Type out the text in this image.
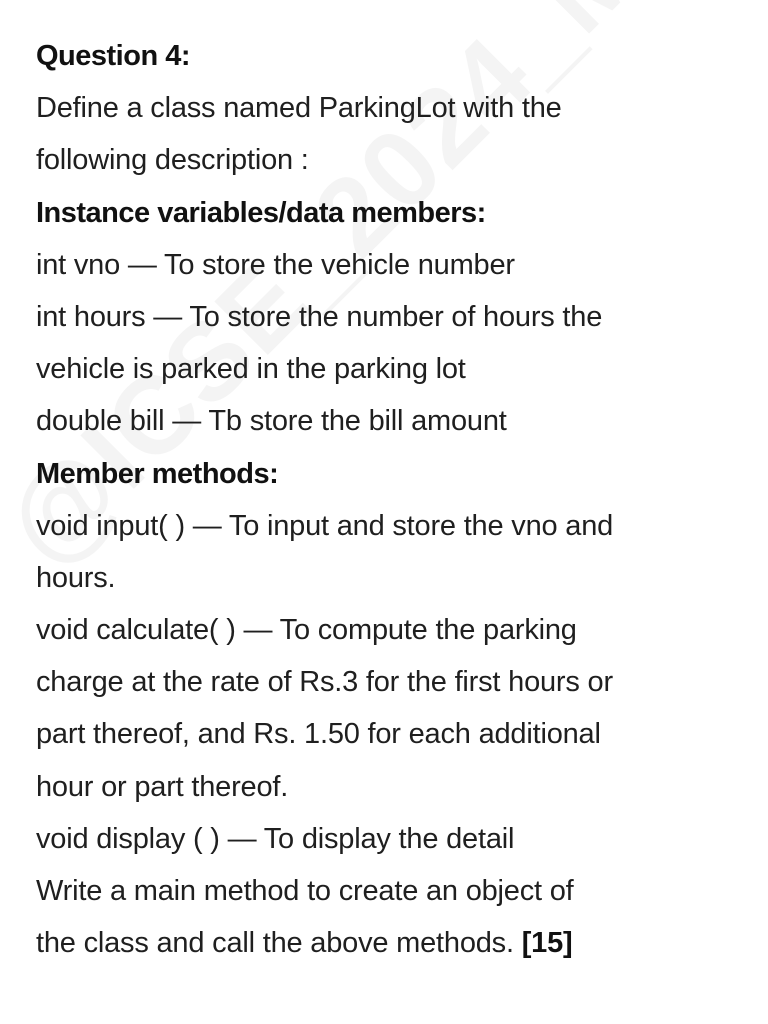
Question 4:
Define a class named ParkingLot with the
following description :
Instance variables/data members:
int vno — To store the vehicle number
int hours — To store the number of hours the
vehicle is parked in the parking lot
double bill — Tb store the bill amount
Member methods:
void input( ) — To input and store the vno and
hours.
void calculate( ) — To compute the parking
charge at the rate of Rs.3 for the first hours or
part thereof, and Rs. 1.50 for each additional
hour or part thereof.
void display ( ) — To display the detail
Write a main method to create an object of
the class and call the above methods. [15]
